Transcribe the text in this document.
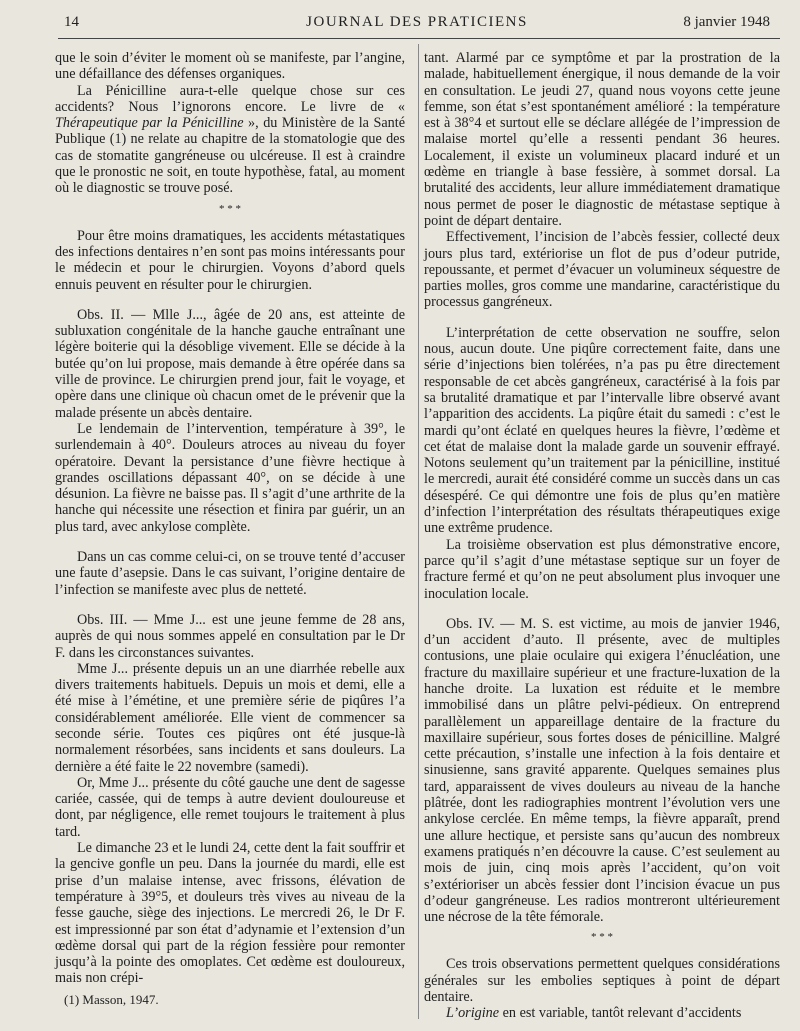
14	JOURNAL DES PRATICIENS	8 janvier 1948

que le soin d’éviter le moment où se manifeste, par l’angine, une défaillance des défenses organiques.

La Pénicilline aura-t-elle quelque chose sur ces accidents? Nous l’ignorons encore. Le livre de « Thérapeutique par la Pénicilline », du Ministère de la Santé Publique (1) ne relate au chapitre de la stomatologie que des cas de stomatite gangréneuse ou ulcéreuse. Il est à craindre que le pronostic ne soit, en toute hypothèse, fatal, au moment où le diagnostic se trouve posé.

* * *

Pour être moins dramatiques, les accidents métastatiques des infections dentaires n’en sont pas moins intéressants pour le médecin et pour le chirurgien. Voyons d’abord quels ennuis peuvent en résulter pour le chirurgien.

Obs. II. — Mlle J..., âgée de 20 ans, est atteinte de subluxation congénitale de la hanche gauche entraînant une légère boiterie qui la désoblige vivement. Elle se décide à la butée qu’on lui propose, mais demande à être opérée dans sa ville de province. Le chirurgien prend jour, fait le voyage, et opère dans une clinique où chacun omet de le prévenir que la malade présente un abcès dentaire.

Le lendemain de l’intervention, température à 39°, le surlendemain à 40°. Douleurs atroces au niveau du foyer opératoire. Devant la persistance d’une fièvre hectique à grandes oscillations dépassant 40°, on se décide à une désunion. La fièvre ne baisse pas. Il s’agit d’une arthrite de la hanche qui nécessite une résection et finira par guérir, un an plus tard, avec ankylose complète.

Dans un cas comme celui-ci, on se trouve tenté d’accuser une faute d’asepsie. Dans le cas suivant, l’origine dentaire de l’infection se manifeste avec plus de netteté.

Obs. III. — Mme J... est une jeune femme de 28 ans, auprès de qui nous sommes appelé en consultation par le Dr F. dans les circonstances suivantes.

Mme J... présente depuis un an une diarrhée rebelle aux divers traitements habituels. Depuis un mois et demi, elle a été mise à l’émétine, et une première série de piqûres l’a considérablement améliorée. Elle vient de commencer sa seconde série. Toutes ces piqûres ont été jusque-là normalement résorbées, sans incidents et sans douleurs. La dernière a été faite le 22 novembre (samedi).

Or, Mme J... présente du côté gauche une dent de sagesse cariée, cassée, qui de temps à autre devient douloureuse et dont, par négligence, elle remet toujours le traitement à plus tard.

Le dimanche 23 et le lundi 24, cette dent la fait souffrir et la gencive gonfle un peu. Dans la journée du mardi, elle est prise d’un malaise intense, avec frissons, élévation de température à 39°5, et douleurs très vives au niveau de la fesse gauche, siège des injections. Le mercredi 26, le Dr F. est impressionné par son état d’adynamie et l’extension d’un œdème dorsal qui part de la région fessière pour remonter jusqu’à la pointe des omoplates. Cet œdème est douloureux, mais non crépi-

tant. Alarmé par ce symptôme et par la prostration de la malade, habituellement énergique, il nous demande de la voir en consultation. Le jeudi 27, quand nous voyons cette jeune femme, son état s’est spontanément amélioré : la température est à 38°4 et surtout elle se déclare allégée de l’impression de malaise mortel qu’elle a ressenti pendant 36 heures. Localement, il existe un volumineux placard induré et un œdème en triangle à base fessière, à sommet dorsal. La brutalité des accidents, leur allure immédiatement dramatique nous permet de poser le diagnostic de métastase septique à point de départ dentaire.

Effectivement, l’incision de l’abcès fessier, collecté deux jours plus tard, extériorise un flot de pus d’odeur putride, repoussante, et permet d’évacuer un volumineux séquestre de parties molles, gros comme une mandarine, caractéristique du processus gangréneux.

L’interprétation de cette observation ne souffre, selon nous, aucun doute. Une piqûre correctement faite, dans une série d’injections bien tolérées, n’a pas pu être directement responsable de cet abcès gangréneux, caractérisé à la fois par sa brutalité dramatique et par l’intervalle libre observé avant l’apparition des accidents. La piqûre était du samedi : c’est le mardi qu’ont éclaté en quelques heures la fièvre, l’œdème et cet état de malaise dont la malade garde un souvenir effrayé. Notons seulement qu’un traitement par la pénicilline, institué le mercredi, aurait été considéré comme un succès dans un cas désespéré. Ce qui démontre une fois de plus qu’en matière d’infection l’interprétation des résultats thérapeutiques exige une extrême prudence.

La troisième observation est plus démonstrative encore, parce qu’il s’agit d’une métastase septique sur un foyer de fracture fermé et qu’on ne peut absolument plus invoquer une inoculation locale.

Obs. IV. — M. S. est victime, au mois de janvier 1946, d’un accident d’auto. Il présente, avec de multiples contusions, une plaie oculaire qui exigera l’énucléation, une fracture du maxillaire supérieur et une fracture-luxation de la hanche droite. La luxation est réduite et le membre immobilisé dans un plâtre pelvi-pédieux. On entreprend parallèlement un appareillage dentaire de la fracture du maxillaire supérieur, sous fortes doses de pénicilline. Malgré cette précaution, s’installe une infection à la fois dentaire et sinusienne, sans gravité apparente. Quelques semaines plus tard, apparaissent de vives douleurs au niveau de la hanche plâtrée, dont les radiographies montrent l’évolution vers une ankylose cerclée. En même temps, la fièvre apparaît, prend une allure hectique, et persiste sans qu’aucun des nombreux examens pratiqués n’en découvre la cause. C’est seulement au mois de juin, cinq mois après l’accident, qu’on voit s’extérioriser un abcès fessier dont l’incision évacue un pus d’odeur gangréneuse. Les radios montreront ultérieurement une nécrose de la tête fémorale.

* * *

Ces trois observations permettent quelques considérations générales sur les embolies septiques à point de départ dentaire.

L’origine en est variable, tantôt relevant d’accidents

(1) Masson, 1947.
